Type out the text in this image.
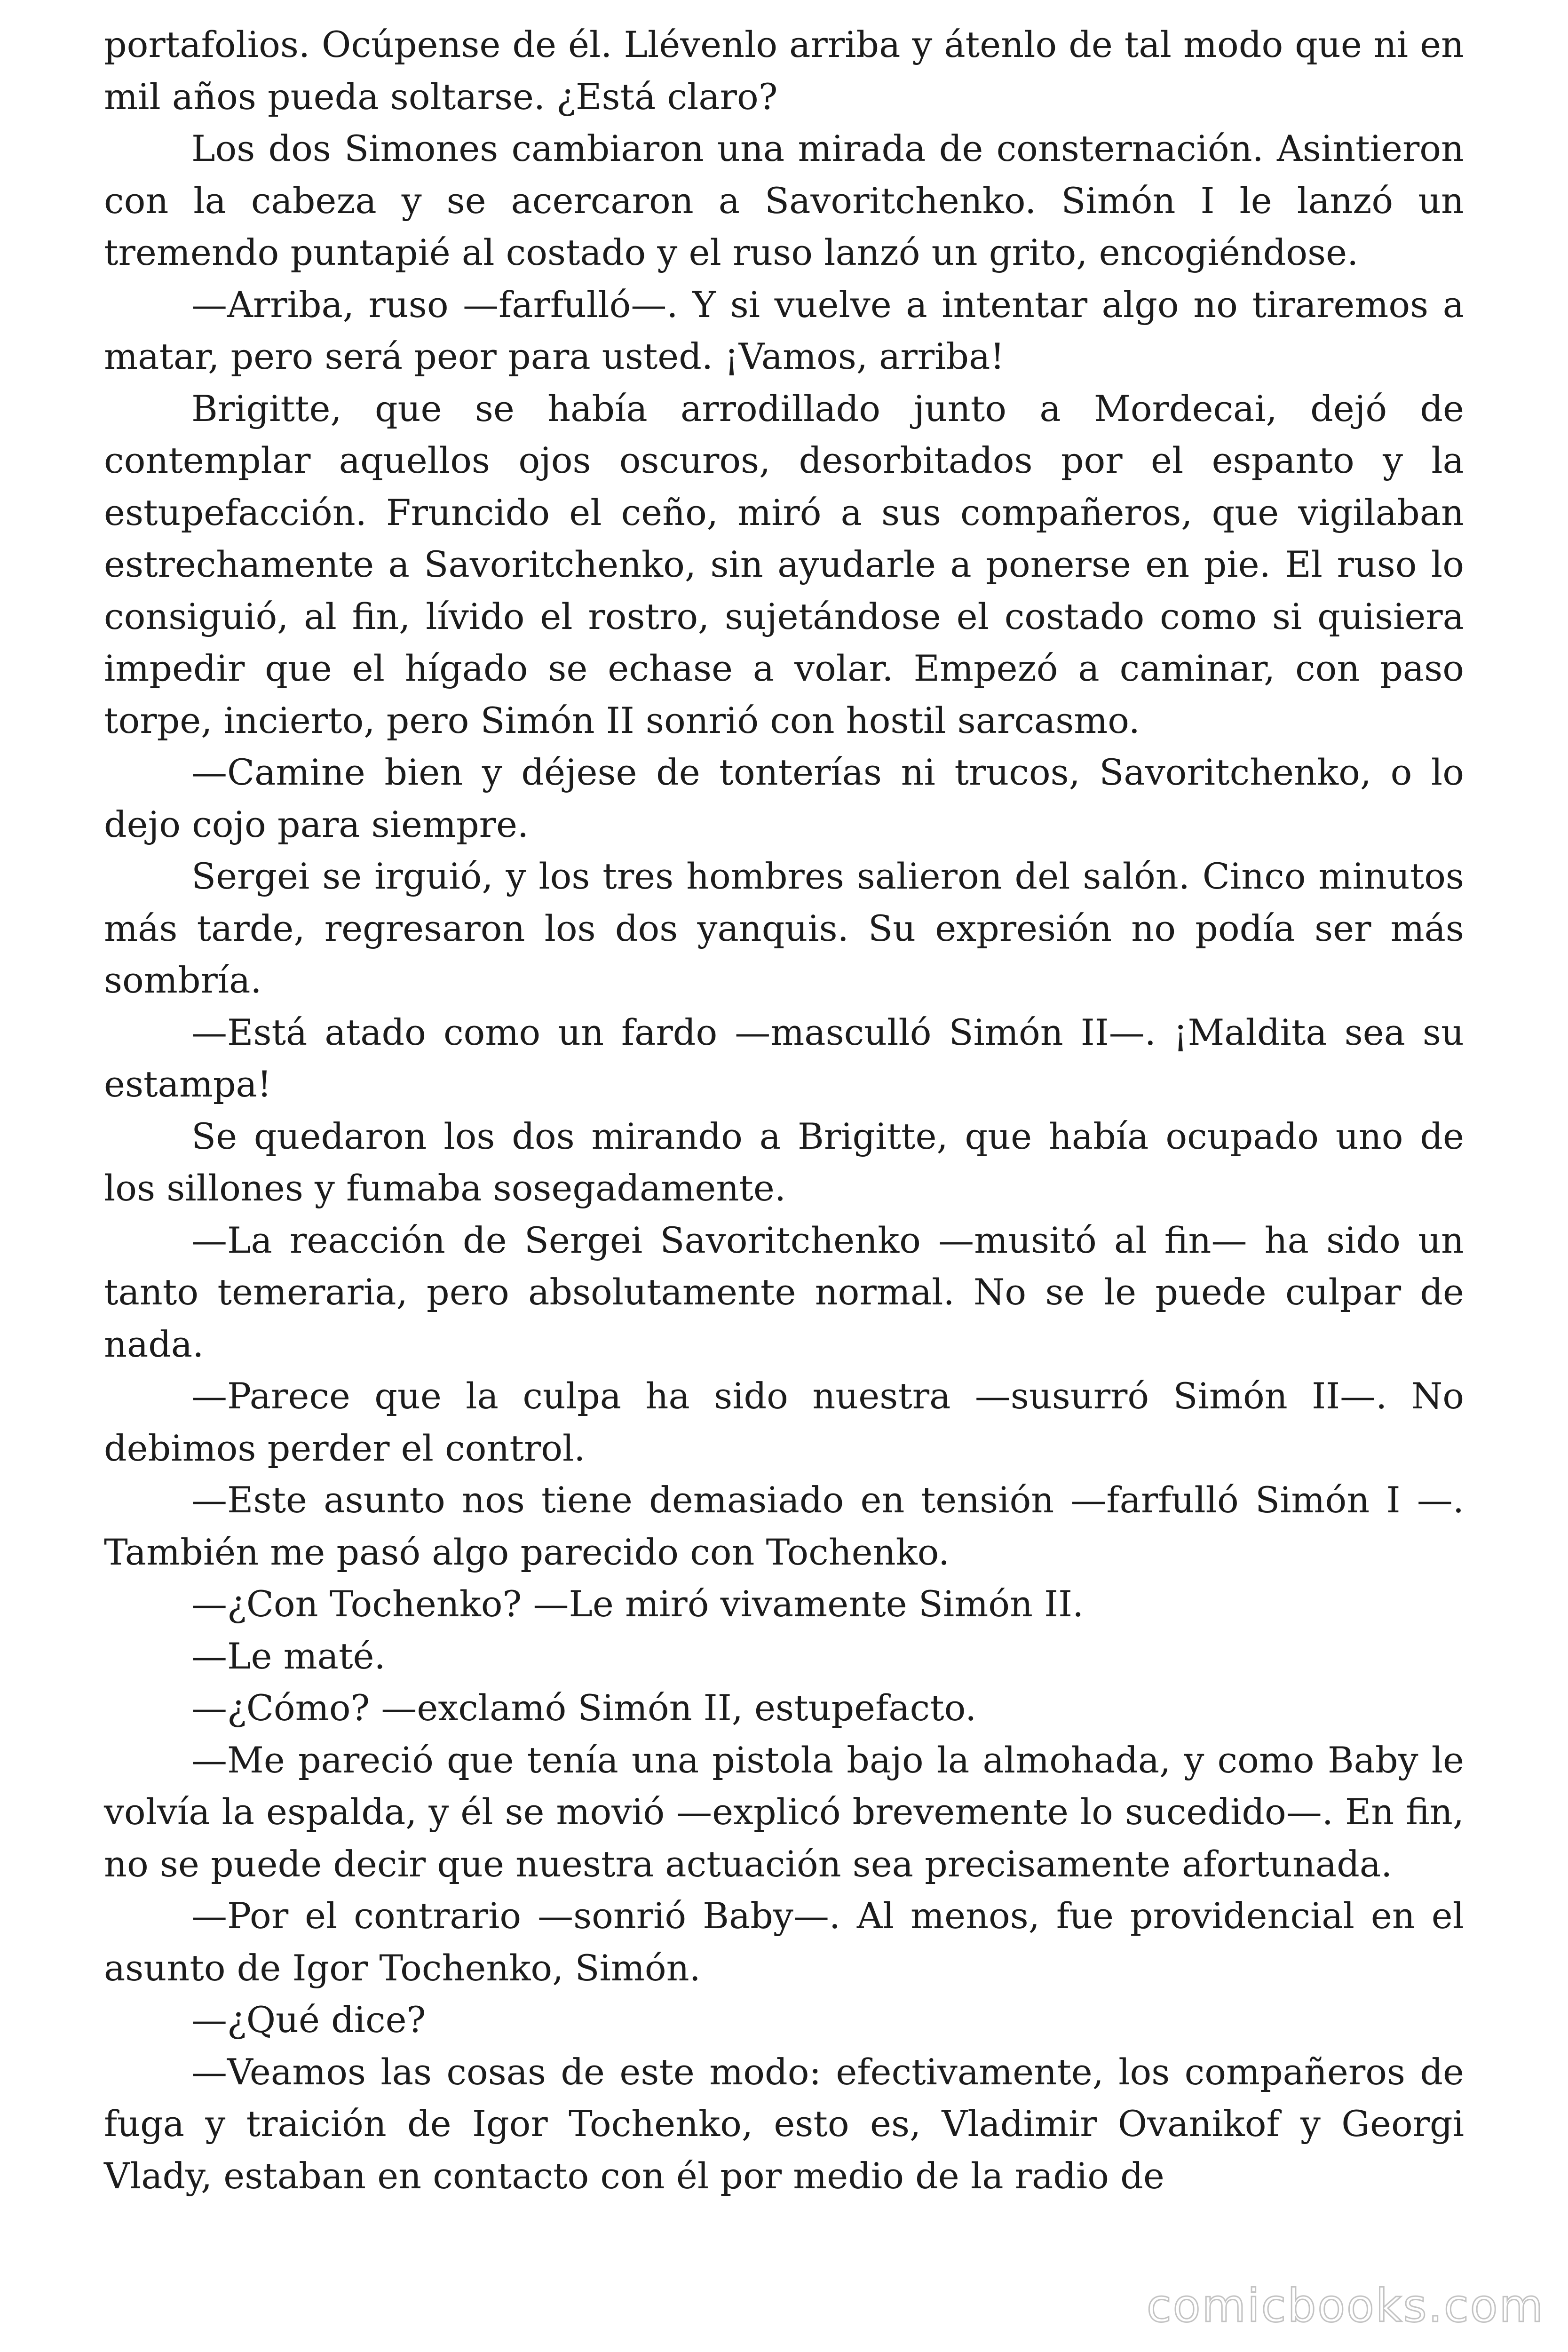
portafolios. Ocúpense de él. Llévenlo arriba y átenlo de tal modo que ni en mil años pueda soltarse. ¿Está claro?

Los dos Simones cambiaron una mirada de consternación. Asintieron con la cabeza y se acercaron a Savoritchenko. Simón I le lanzó un tremendo puntapié al costado y el ruso lanzó un grito, encogiéndose.

—Arriba, ruso —farfulló—. Y si vuelve a intentar algo no tiraremos a matar, pero será peor para usted. ¡Vamos, arriba!

Brigitte, que se había arrodillado junto a Mordecai, dejó de contemplar aquellos ojos oscuros, desorbitados por el espanto y la estupefacción. Fruncido el ceño, miró a sus compañeros, que vigilaban estrechamente a Savoritchenko, sin ayudarle a ponerse en pie. El ruso lo consiguió, al fin, lívido el rostro, sujetándose el costado como si quisiera impedir que el hígado se echase a volar. Empezó a caminar, con paso torpe, incierto, pero Simón II sonrió con hostil sarcasmo.

—Camine bien y déjese de tonterías ni trucos, Savoritchenko, o lo dejo cojo para siempre.

Sergei se irguió, y los tres hombres salieron del salón. Cinco minutos más tarde, regresaron los dos yanquis. Su expresión no podía ser más sombría.

—Está atado como un fardo —masculló Simón II—. ¡Maldita sea su estampa!

Se quedaron los dos mirando a Brigitte, que había ocupado uno de los sillones y fumaba sosegadamente.

—La reacción de Sergei Savoritchenko —musitó al fin— ha sido un tanto temeraria, pero absolutamente normal. No se le puede culpar de nada.

—Parece que la culpa ha sido nuestra —susurró Simón II—. No debimos perder el control.

—Este asunto nos tiene demasiado en tensión —farfulló Simón I —. También me pasó algo parecido con Tochenko.

—¿Con Tochenko? —Le miró vivamente Simón II.

—Le maté.

—¿Cómo? —exclamó Simón II, estupefacto.

—Me pareció que tenía una pistola bajo la almohada, y como Baby le volvía la espalda, y él se movió —explicó brevemente lo sucedido—. En fin, no se puede decir que nuestra actuación sea precisamente afortunada.

—Por el contrario —sonrió Baby—. Al menos, fue providencial en el asunto de Igor Tochenko, Simón.

—¿Qué dice?

—Veamos las cosas de este modo: efectivamente, los compañeros de fuga y traición de Igor Tochenko, esto es, Vladimir Ovanikof y Georgi Vlady, estaban en contacto con él por medio de la radio de

comicbooks.com
